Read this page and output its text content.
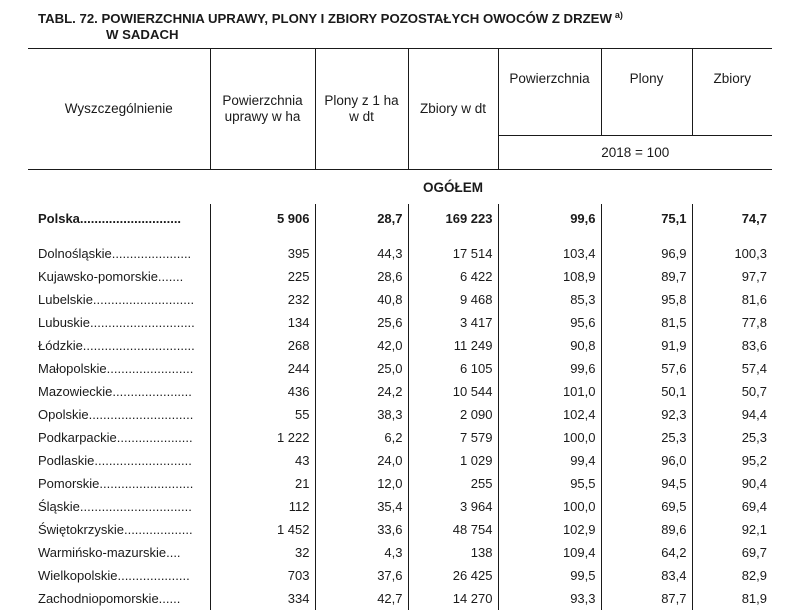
TABL. 72. POWIERZCHNIA UPRAWY, PLONY I ZBIORY POZOSTAŁYCH OWOCÓW Z DRZEW $^{a)}$
W SADACH
Wyszczególnienie	Powierzchnia uprawy w ha	Plony z 1 ha w dt	Zbiory w dt	Powierzchnia	Plony	Zbiory
				2018 = 100		
			OGÓŁEM			
Polska............................	5 906	28,7	169 223	99,6	75,1	74,7

Dolnośląskie......................	395	44,3	17 514	103,4	96,9	100,3
Kujawsko-pomorskie.......	225	28,6	6 422	108,9	89,7	97,7
Lubelskie............................	232	40,8	9 468	85,3	95,8	81,6
Lubuskie.............................	134	25,6	3 417	95,6	81,5	77,8
Łódzkie...............................	268	42,0	11 249	90,8	91,9	83,6
Małopolskie........................	244	25,0	6 105	99,6	57,6	57,4
Mazowieckie......................	436	24,2	10 544	101,0	50,1	50,7
Opolskie.............................	55	38,3	2 090	102,4	92,3	94,4
Podkarpackie.....................	1 222	6,2	7 579	100,0	25,3	25,3
Podlaskie...........................	43	24,0	1 029	99,4	96,0	95,2
Pomorskie..........................	21	12,0	255	95,5	94,5	90,4
Śląskie...............................	112	35,4	3 964	100,0	69,5	69,4
Świętokrzyskie...................	1 452	33,6	48 754	102,9	89,6	92,1
Warmińsko-mazurskie....	32	4,3	138	109,4	64,2	69,7
Wielkopolskie....................	703	37,6	26 425	99,5	83,4	82,9
Zachodniopomorskie......	334	42,7	14 270	93,3	87,7	81,9
